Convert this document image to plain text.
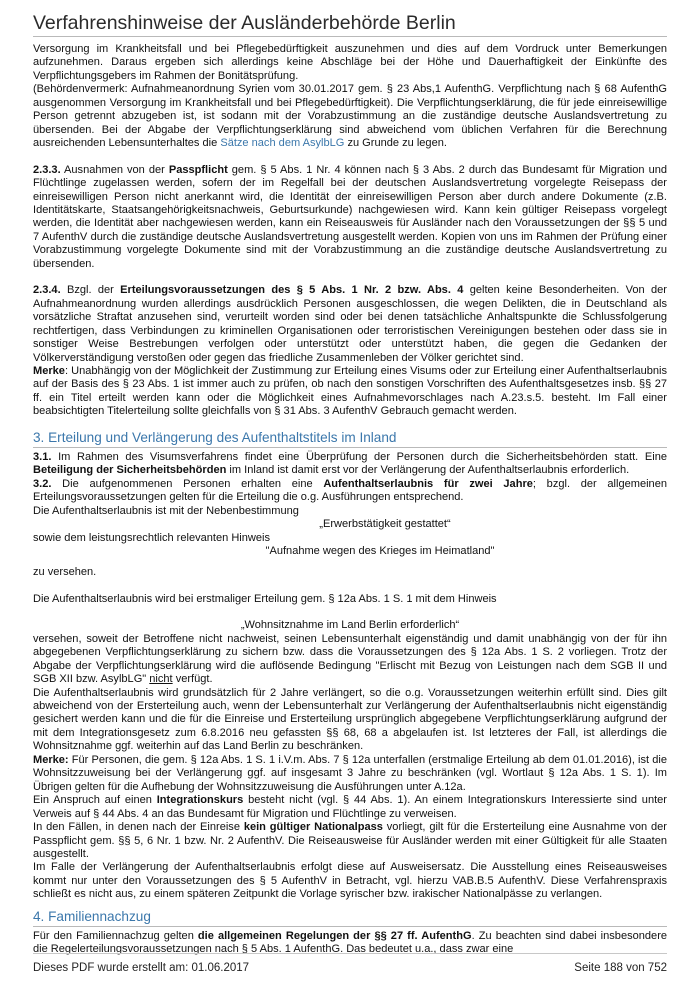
Verfahrenshinweise der Ausländerbehörde Berlin

Versorgung im Krankheitsfall und bei Pflegebedürftigkeit auszunehmen und dies auf dem Vordruck unter Bemerkungen aufzunehmen. Daraus ergeben sich allerdings keine Abschläge bei der Höhe und Dauerhaftigkeit der Einkünfte des Verpflichtungsgebers im Rahmen der Bonitätsprüfung.

(Behördenvermerk: Aufnahmeanordnung Syrien vom 30.01.2017 gem. § 23 Abs,1 AufenthG. Verpflichtung nach § 68 AufenthG ausgenommen Versorgung im Krankheitsfall und bei Pflegebedürftigkeit). Die Verpflichtungserklärung, die für jede einreisewillige Person getrennt abzugeben ist, ist sodann mit der Vorabzustimmung an die zuständige deutsche Auslandsvertretung zu übersenden. Bei der Abgabe der Verpflichtungserklärung sind abweichend vom üblichen Verfahren für die Berechnung ausreichenden Lebensunterhaltes die Sätze nach dem AsylbLG zu Grunde zu legen.

2.3.3. Ausnahmen von der Passpflicht gem. § 5 Abs. 1 Nr. 4 können nach § 3 Abs. 2 durch das Bundesamt für Migration und Flüchtlinge zugelassen werden, sofern der im Regelfall bei der deutschen Auslandsvertretung vorgelegte Reisepass der einreisewilligen Person nicht anerkannt wird, die Identität der einreisewilligen Person aber durch andere Dokumente (z.B. Identitätskarte, Staatsangehörigkeitsnachweis, Geburtsurkunde) nachgewiesen wird. Kann kein gültiger Reisepass vorgelegt werden, die Identität aber nachgewiesen werden, kann ein Reiseausweis für Ausländer nach den Voraussetzungen der §§ 5 und 7 AufenthV durch die zuständige deutsche Auslandsvertretung ausgestellt werden. Kopien von uns im Rahmen der Prüfung einer Vorabzustimmung vorgelegte Dokumente sind mit der Vorabzustimmung an die zuständige deutsche Auslandsvertretung zu übersenden.

2.3.4. Bzgl. der Erteilungsvoraussetzungen des § 5 Abs. 1 Nr. 2 bzw. Abs. 4 gelten keine Besonderheiten. Von der Aufnahmeanordnung wurden allerdings ausdrücklich Personen ausgeschlossen, die wegen Delikten, die in Deutschland als vorsätzliche Straftat anzusehen sind, verurteilt worden sind oder bei denen tatsächliche Anhaltspunkte die Schlussfolgerung rechtfertigen, dass Verbindungen zu kriminellen Organisationen oder terroristischen Vereinigungen bestehen oder dass sie in sonstiger Weise Bestrebungen verfolgen oder unterstützt oder unterstützt haben, die gegen die Gedanken der Völkerverständigung verstoßen oder gegen das friedliche Zusammenleben der Völker gerichtet sind.

Merke: Unabhängig von der Möglichkeit der Zustimmung zur Erteilung eines Visums oder zur Erteilung einer Aufenthaltserlaubnis auf der Basis des § 23 Abs. 1 ist immer auch zu prüfen, ob nach den sonstigen Vorschriften des Aufenthaltsgesetzes insb. §§ 27 ff. ein Titel erteilt werden kann oder die Möglichkeit eines Aufnahmevorschlages nach A.23.s.5. besteht. Im Fall einer beabsichtigten Titelerteilung sollte gleichfalls von § 31 Abs. 3 AufenthV Gebrauch gemacht werden.

3. Erteilung und Verlängerung des Aufenthaltstitels im Inland

3.1. Im Rahmen des Visumsverfahrens findet eine Überprüfung der Personen durch die Sicherheitsbehörden statt. Eine Beteiligung der Sicherheitsbehörden im Inland ist damit erst vor der Verlängerung der Aufenthaltserlaubnis erforderlich.

3.2. Die aufgenommenen Personen erhalten eine Aufenthaltserlaubnis für zwei Jahre; bzgl. der allgemeinen Erteilungsvoraussetzungen gelten für die Erteilung die o.g. Ausführungen entsprechend.

Die Aufenthaltserlaubnis ist mit der Nebenbestimmung

„Erwerbstätigkeit gestattet“

sowie dem leistungsrechtlich relevanten Hinweis

"Aufnahme wegen des Krieges im Heimatland"

zu versehen.

Die Aufenthaltserlaubnis wird bei erstmaliger Erteilung gem. § 12a Abs. 1 S. 1 mit dem Hinweis

„Wohnsitznahme im Land Berlin erforderlich“

versehen, soweit der Betroffene nicht nachweist, seinen Lebensunterhalt eigenständig und damit unabhängig von der für ihn abgegebenen Verpflichtungserklärung zu sichern bzw. dass die Voraussetzungen des § 12a Abs. 1 S. 2 vorliegen. Trotz der Abgabe der Verpflichtungserklärung wird die auflösende Bedingung "Erlischt mit Bezug von Leistungen nach dem SGB II und SGB XII bzw. AsylbLG" nicht verfügt.

Die Aufenthaltserlaubnis wird grundsätzlich für 2 Jahre verlängert, so die o.g. Voraussetzungen weiterhin erfüllt sind. Dies gilt abweichend von der Ersterteilung auch, wenn der Lebensunterhalt zur Verlängerung der Aufenthaltserlaubnis nicht eigenständig gesichert werden kann und die für die Einreise und Ersterteilung ursprünglich abgegebene Verpflichtungserklärung aufgrund der mit dem Integrationsgesetz zum 6.8.2016 neu gefassten §§ 68, 68 a abgelaufen ist. Ist letzteres der Fall, ist allerdings die Wohnsitznahme ggf. weiterhin auf das Land Berlin zu beschränken.

Merke: Für Personen, die gem. § 12a Abs. 1 S. 1 i.V.m. Abs. 7 § 12a unterfallen (erstmalige Erteilung ab dem 01.01.2016), ist die Wohnsitzzuweisung bei der Verlängerung ggf. auf insgesamt 3 Jahre zu beschränken (vgl. Wortlaut § 12a Abs. 1 S. 1). Im Übrigen gelten für die Aufhebung der Wohnsitzzuweisung die Ausführungen unter A.12a.

Ein Anspruch auf einen Integrationskurs besteht nicht (vgl. § 44 Abs. 1). An einem Integrationskurs Interessierte sind unter Verweis auf § 44 Abs. 4 an das Bundesamt für Migration und Flüchtlinge zu verweisen.

In den Fällen, in denen nach der Einreise kein gültiger Nationalpass vorliegt, gilt für die Ersterteilung eine Ausnahme von der Passpflicht gem. §§ 5, 6 Nr. 1 bzw. Nr. 2 AufenthV. Die Reiseausweise für Ausländer werden mit einer Gültigkeit für alle Staaten ausgestellt.

Im Falle der Verlängerung der Aufenthaltserlaubnis erfolgt diese auf Ausweisersatz. Die Ausstellung eines Reiseausweises kommt nur unter den Voraussetzungen des § 5 AufenthV in Betracht, vgl. hierzu VAB.B.5 AufenthV. Diese Verfahrenspraxis schließt es nicht aus, zu einem späteren Zeitpunkt die Vorlage syrischer bzw. irakischer Nationalpässe zu verlangen.

4. Familiennachzug

Für den Familiennachzug gelten die allgemeinen Regelungen der §§ 27 ff. AufenthG. Zu beachten sind dabei insbesondere die Regelerteilungsvoraussetzungen nach § 5 Abs. 1 AufenthG. Das bedeutet u.a., dass zwar eine

Dieses PDF wurde erstellt am: 01.06.2017	Seite 188 von 752
